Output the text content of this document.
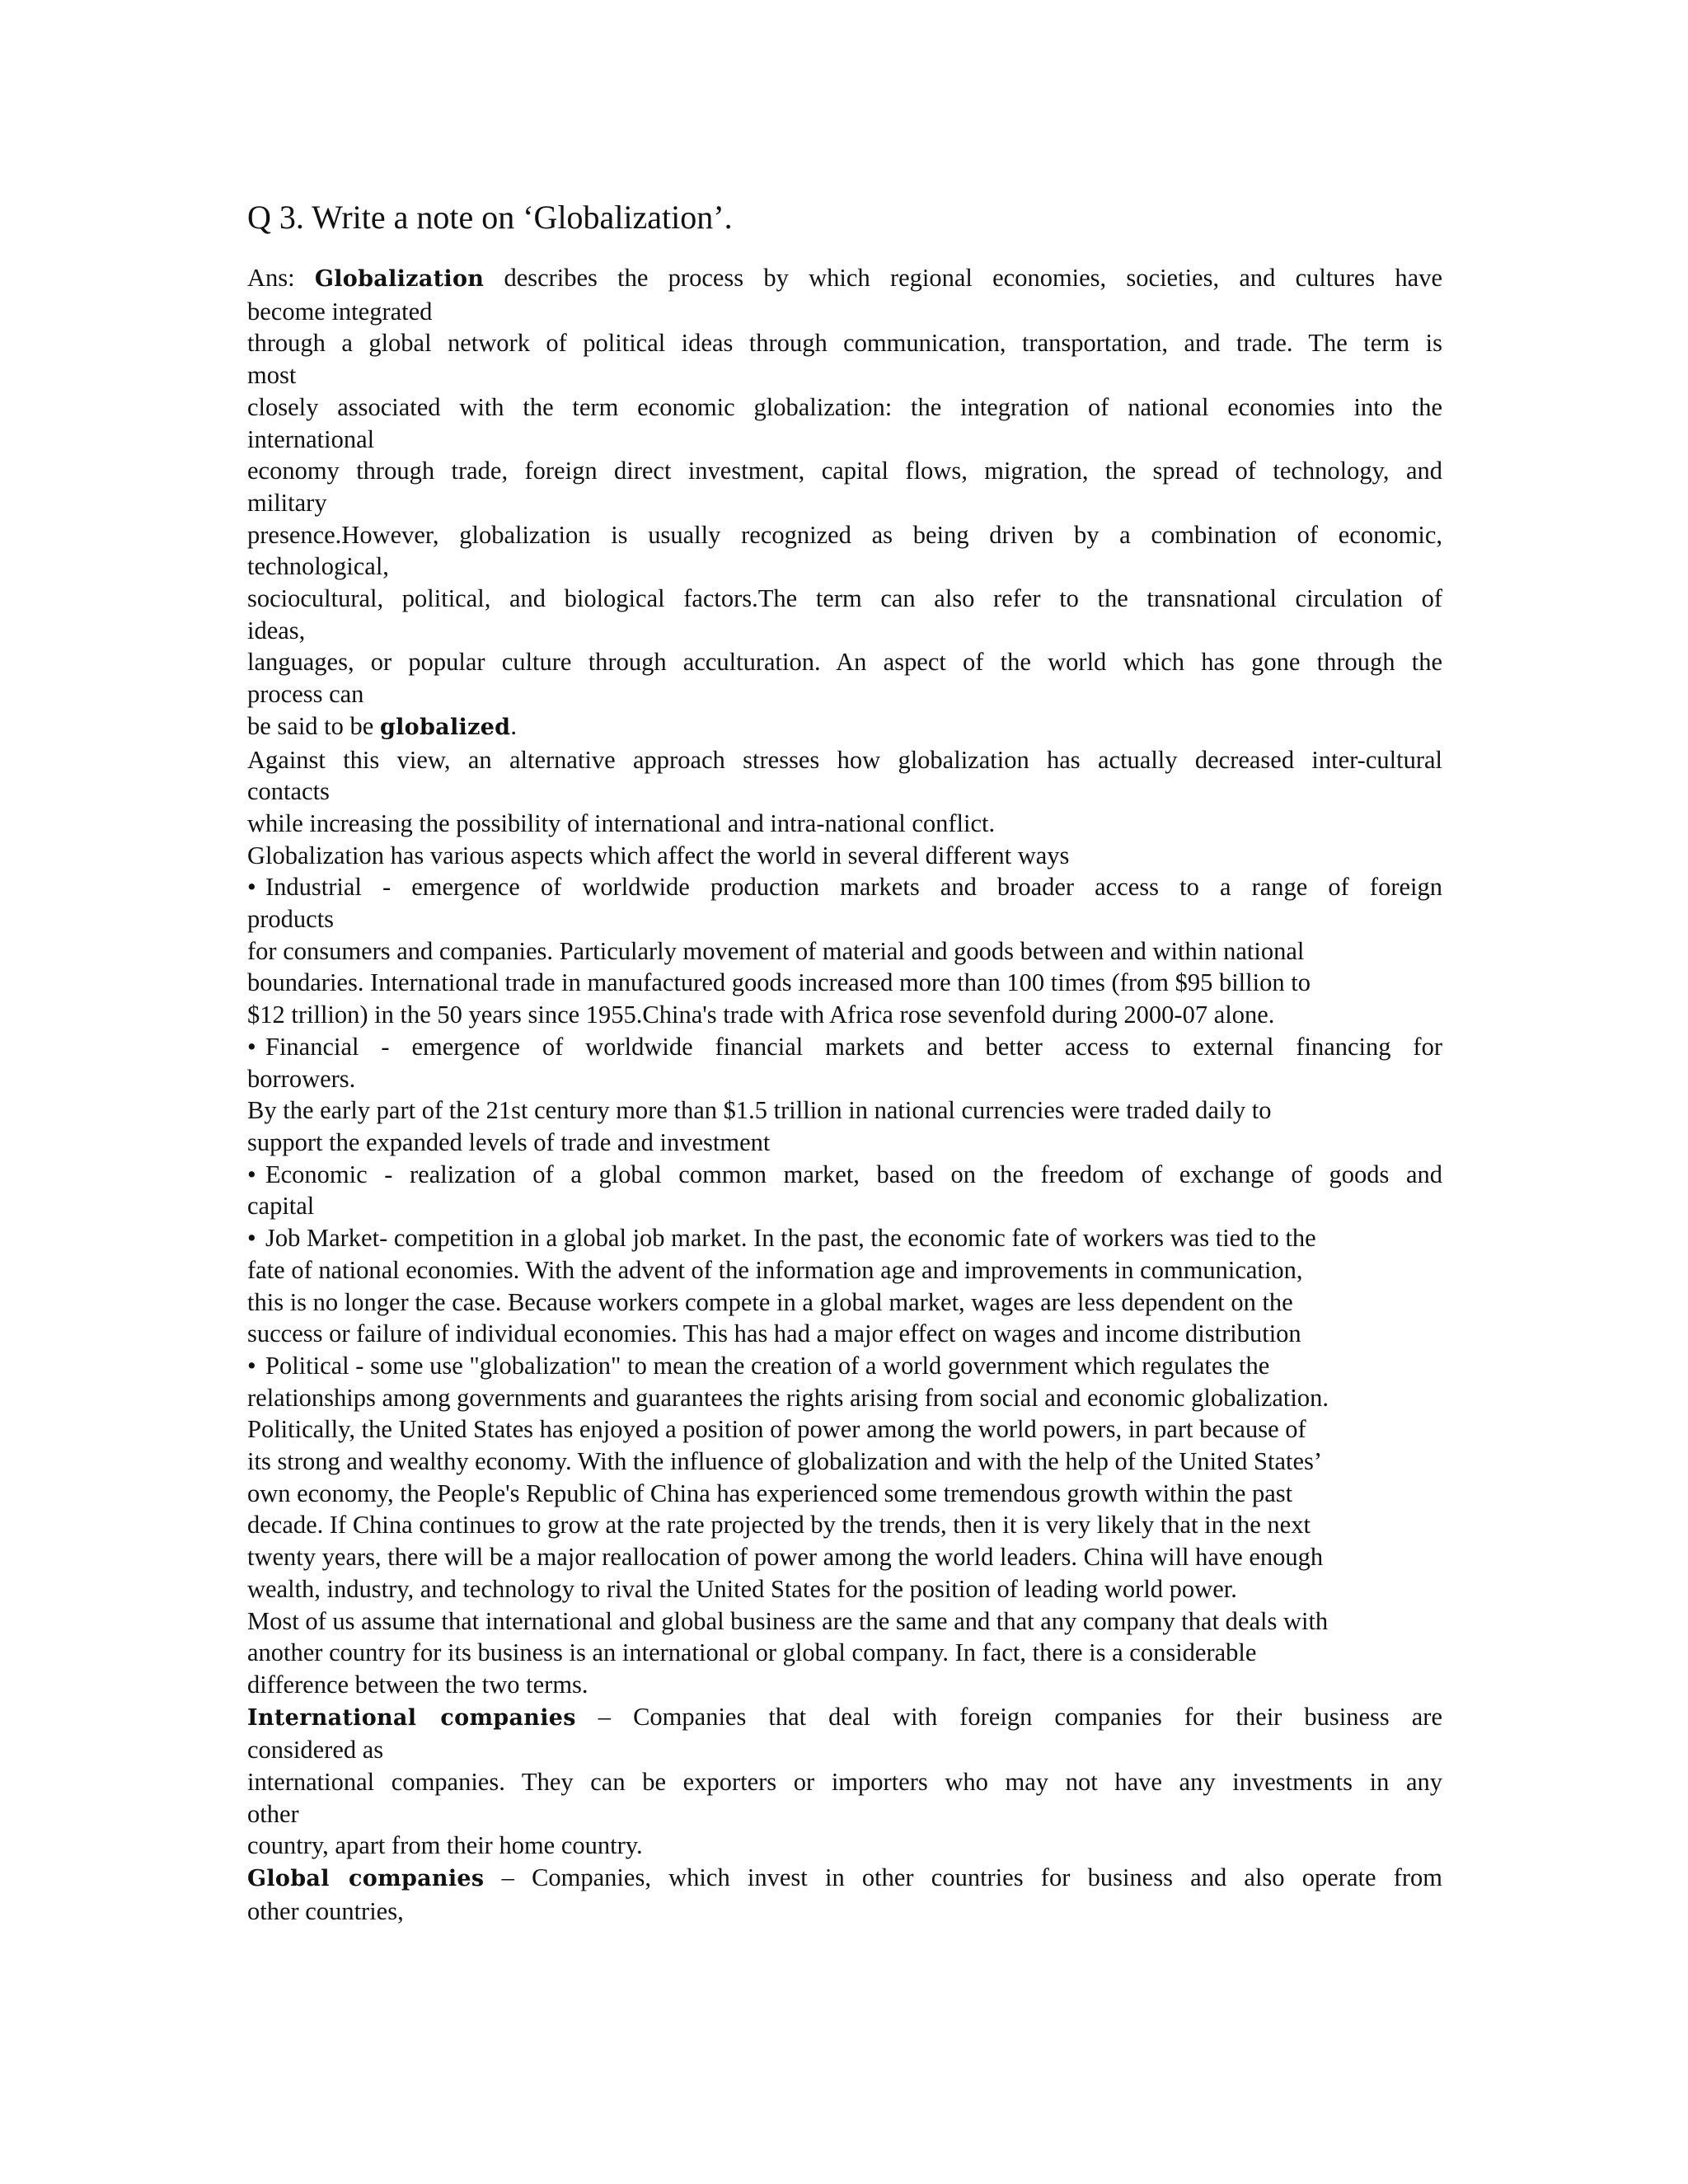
Q 3. Write a note on ‘Globalization’.

Ans: Globalization describes the process by which regional economies, societies, and cultures have

become integrated

through a global network of political ideas through communication, transportation, and trade. The term is

most

closely associated with the term economic globalization: the integration of national economies into the

international

economy through trade, foreign direct investment, capital flows, migration, the spread of technology, and

military

presence.However, globalization is usually recognized as being driven by a combination of economic,

technological,

sociocultural, political, and biological factors.The term can also refer to the transnational circulation of

ideas,

languages, or popular culture through acculturation. An aspect of the world which has gone through the

process can

be said to be globalized.

Against this view, an alternative approach stresses how globalization has actually decreased inter-cultural

contacts

while increasing the possibility of international and intra-national conflict.

Globalization has various aspects which affect the world in several different ways

• Industrial - emergence of worldwide production markets and broader access to a range of foreign

products

for consumers and companies. Particularly movement of material and goods between and within national

boundaries. International trade in manufactured goods increased more than 100 times (from $95 billion to

$12 trillion) in the 50 years since 1955.China's trade with Africa rose sevenfold during 2000-07 alone.

• Financial - emergence of worldwide financial markets and better access to external financing for

borrowers.

By the early part of the 21st century more than $1.5 trillion in national currencies were traded daily to

support the expanded levels of trade and investment

• Economic - realization of a global common market, based on the freedom of exchange of goods and

capital

• Job Market- competition in a global job market. In the past, the economic fate of workers was tied to the

fate of national economies. With the advent of the information age and improvements in communication,

this is no longer the case. Because workers compete in a global market, wages are less dependent on the

success or failure of individual economies. This has had a major effect on wages and income distribution

• Political - some use "globalization" to mean the creation of a world government which regulates the

relationships among governments and guarantees the rights arising from social and economic globalization.

Politically, the United States has enjoyed a position of power among the world powers, in part because of

its strong and wealthy economy. With the influence of globalization and with the help of the United States’

own economy, the People's Republic of China has experienced some tremendous growth within the past

decade. If China continues to grow at the rate projected by the trends, then it is very likely that in the next

twenty years, there will be a major reallocation of power among the world leaders. China will have enough

wealth, industry, and technology to rival the United States for the position of leading world power.

Most of us assume that international and global business are the same and that any company that deals with

another country for its business is an international or global company. In fact, there is a considerable

difference between the two terms.

International companies – Companies that deal with foreign companies for their business are

considered as

international companies. They can be exporters or importers who may not have any investments in any

other

country, apart from their home country.

Global companies – Companies, which invest in other countries for business and also operate from

other countries,
